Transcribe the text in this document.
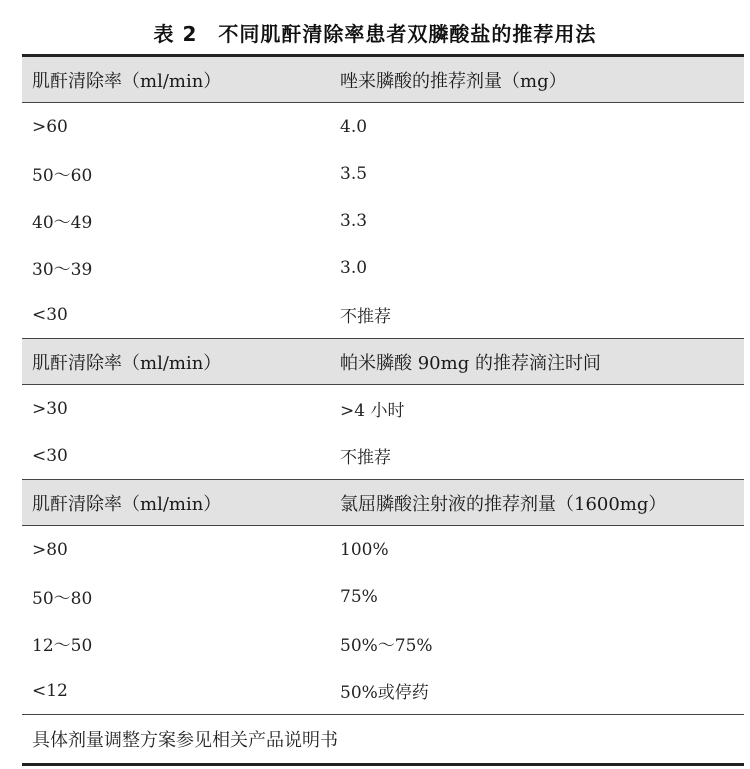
表 2　不同肌酐清除率患者双膦酸盐的推荐用法
肌酐清除率（ml/min）	唑来膦酸的推荐剂量（mg）
>60	4.0
50～60	3.5
40～49	3.3
30～39	3.0
<30	不推荐
肌酐清除率（ml/min）	帕米膦酸 90mg 的推荐滴注时间
>30	>4 小时
<30	不推荐
肌酐清除率（ml/min）	氯屈膦酸注射液的推荐剂量（1600mg）
>80	100%
50～80	75%
12～50	50%～75%
<12	50%或停药
具体剂量调整方案参见相关产品说明书
